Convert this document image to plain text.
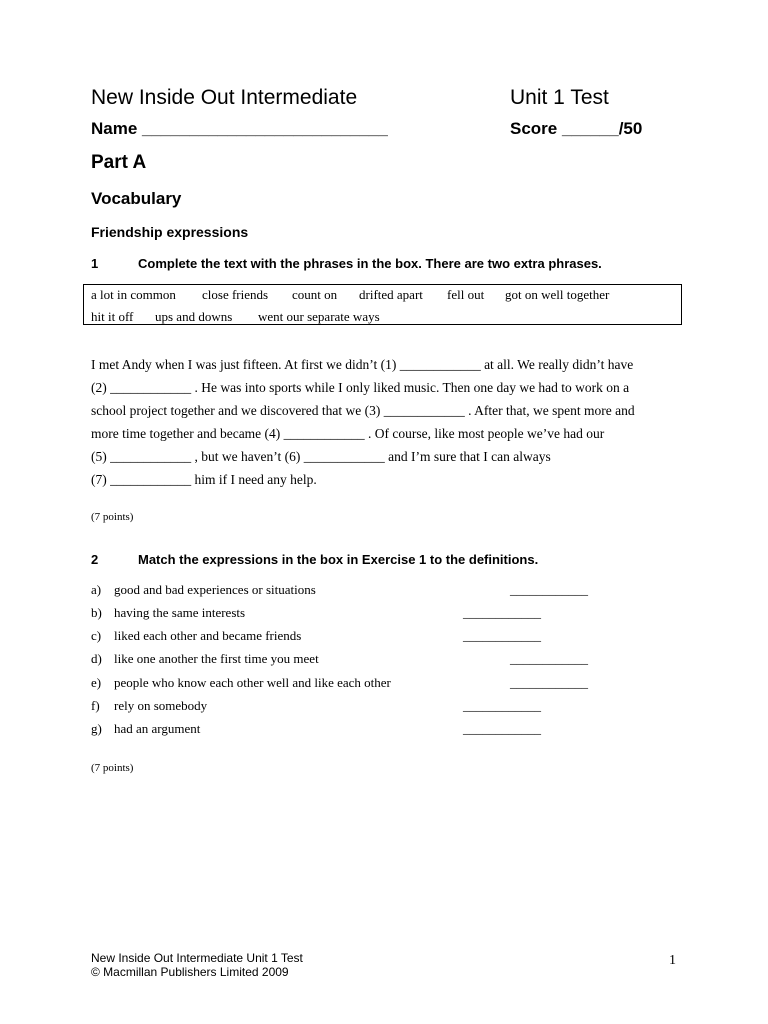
New Inside Out Intermediate	Unit 1 Test
Name __________________________	Score ______/50
Part A
Vocabulary
Friendship expressions
1	Complete the text with the phrases in the box. There are two extra phrases.
a lot in common close friends count on drifted apart fell out got on well together
hit it off ups and downs went our separate ways
I met Andy when I was just fifteen. At first we didn’t (1) ____________ at all. We really didn’t have
(2) ____________ . He was into sports while I only liked music. Then one day we had to work on a
school project together and we discovered that we (3) ____________ . After that, we spent more and
more time together and became (4) ____________ . Of course, like most people we’ve had our
(5) ____________ , but we haven’t (6) ____________ and I’m sure that I can always
(7) ____________ him if I need any help.
(7 points)
2	Match the expressions in the box in Exercise 1 to the definitions.
a) good and bad experiences or situations	____________
b) having the same interests	____________
c) liked each other and became friends	____________
d) like one another the first time you meet	____________
e) people who know each other well and like each other	____________
f) rely on somebody	____________
g) had an argument	____________
(7 points)
New Inside Out Intermediate Unit 1 Test
© Macmillan Publishers Limited 2009
1
